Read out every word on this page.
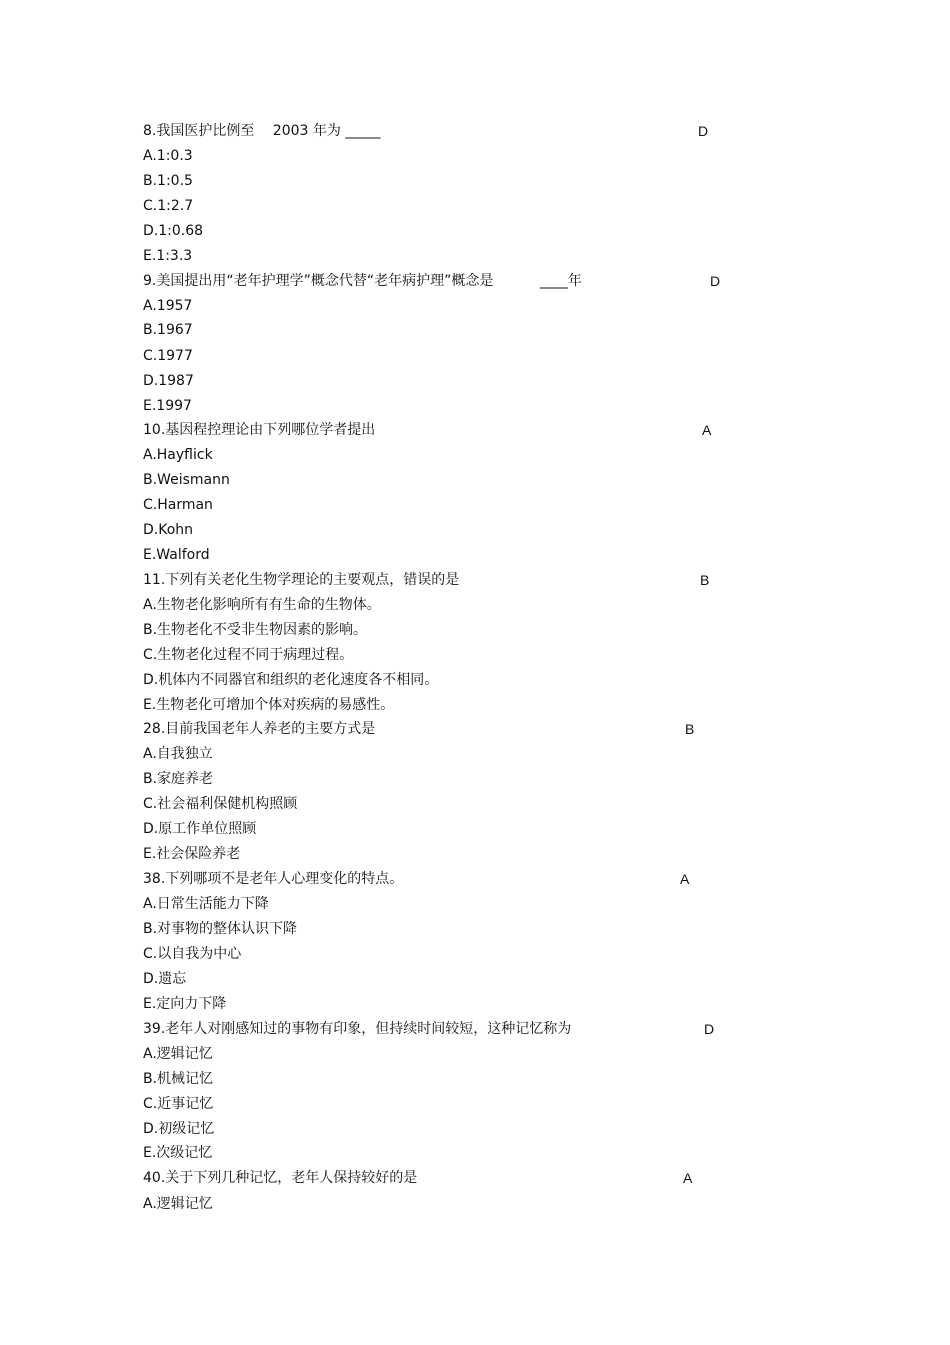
8.我国医护比例至　 2003 年为 _____	D
A.1:0.3
B.1:0.5
C.1:2.7
D.1:0.68
E.1:3.3
9.美国提出用“老年护理学”概念代替“老年病护理”概念是　　　 ____年	D
A.1957
B.1967
C.1977
D.1987
E.1997
10.基因程控理论由下列哪位学者提出	A
A.Hayflick
B.Weismann
C.Harman
D.Kohn
E.Walford
11.下列有关老化生物学理论的主要观点，错误的是	B
A.生物老化影响所有有生命的生物体。
B.生物老化不受非生物因素的影响。
C.生物老化过程不同于病理过程。
D.机体内不同器官和组织的老化速度各不相同。
E.生物老化可增加个体对疾病的易感性。
28.目前我国老年人养老的主要方式是	B
A.自我独立
B.家庭养老
C.社会福利保健机构照顾
D.原工作单位照顾
E.社会保险养老
38.下列哪项不是老年人心理变化的特点。	A
A.日常生活能力下降
B.对事物的整体认识下降
C.以自我为中心
D.遗忘
E.定向力下降
39.老年人对刚感知过的事物有印象，但持续时间较短，这种记忆称为	D
A.逻辑记忆
B.机械记忆
C.近事记忆
D.初级记忆
E.次级记忆
40.关于下列几种记忆，老年人保持较好的是	A
A.逻辑记忆
